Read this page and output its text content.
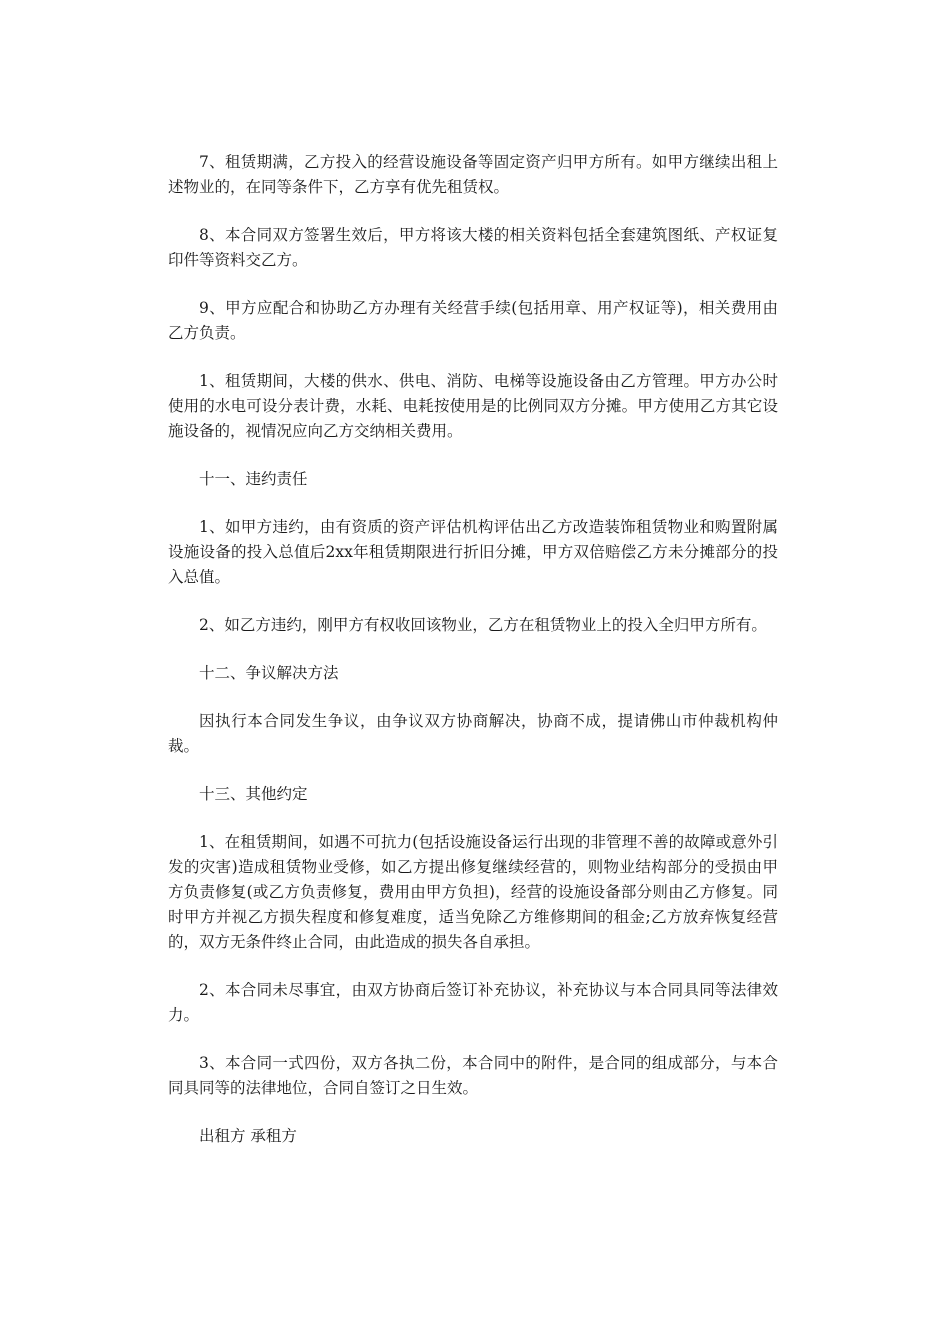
7、租赁期满，乙方投入的经营设施设备等固定资产归甲方所有。如甲方继续出租上述物业的，在同等条件下，乙方享有优先租赁权。

8、本合同双方签署生效后，甲方将该大楼的相关资料包括全套建筑图纸、产权证复印件等资料交乙方。

9、甲方应配合和协助乙方办理有关经营手续(包括用章、用产权证等)，相关费用由乙方负责。

1、租赁期间，大楼的供水、供电、消防、电梯等设施设备由乙方管理。甲方办公时使用的水电可设分表计费，水耗、电耗按使用是的比例同双方分摊。甲方使用乙方其它设施设备的，视情况应向乙方交纳相关费用。

十一、违约责任

1、如甲方违约，由有资质的资产评估机构评估出乙方改造装饰租赁物业和购置附属设施设备的投入总值后2xx年租赁期限进行折旧分摊，甲方双倍赔偿乙方未分摊部分的投入总值。

2、如乙方违约，刚甲方有权收回该物业，乙方在租赁物业上的投入全归甲方所有。

十二、争议解决方法

因执行本合同发生争议，由争议双方协商解决，协商不成，提请佛山市仲裁机构仲裁。

十三、其他约定

1、在租赁期间，如遇不可抗力(包括设施设备运行出现的非管理不善的故障或意外引发的灾害)造成租赁物业受修，如乙方提出修复继续经营的，则物业结构部分的受损由甲方负责修复(或乙方负责修复，费用由甲方负担)，经营的设施设备部分则由乙方修复。同时甲方并视乙方损失程度和修复难度，适当免除乙方维修期间的租金;乙方放弃恢复经营的，双方无条件终止合同，由此造成的损失各自承担。

2、本合同未尽事宜，由双方协商后签订补充协议，补充协议与本合同具同等法律效力。

3、本合同一式四份，双方各执二份，本合同中的附件，是合同的组成部分，与本合同具同等的法律地位，合同自签订之日生效。

出租方 承租方
